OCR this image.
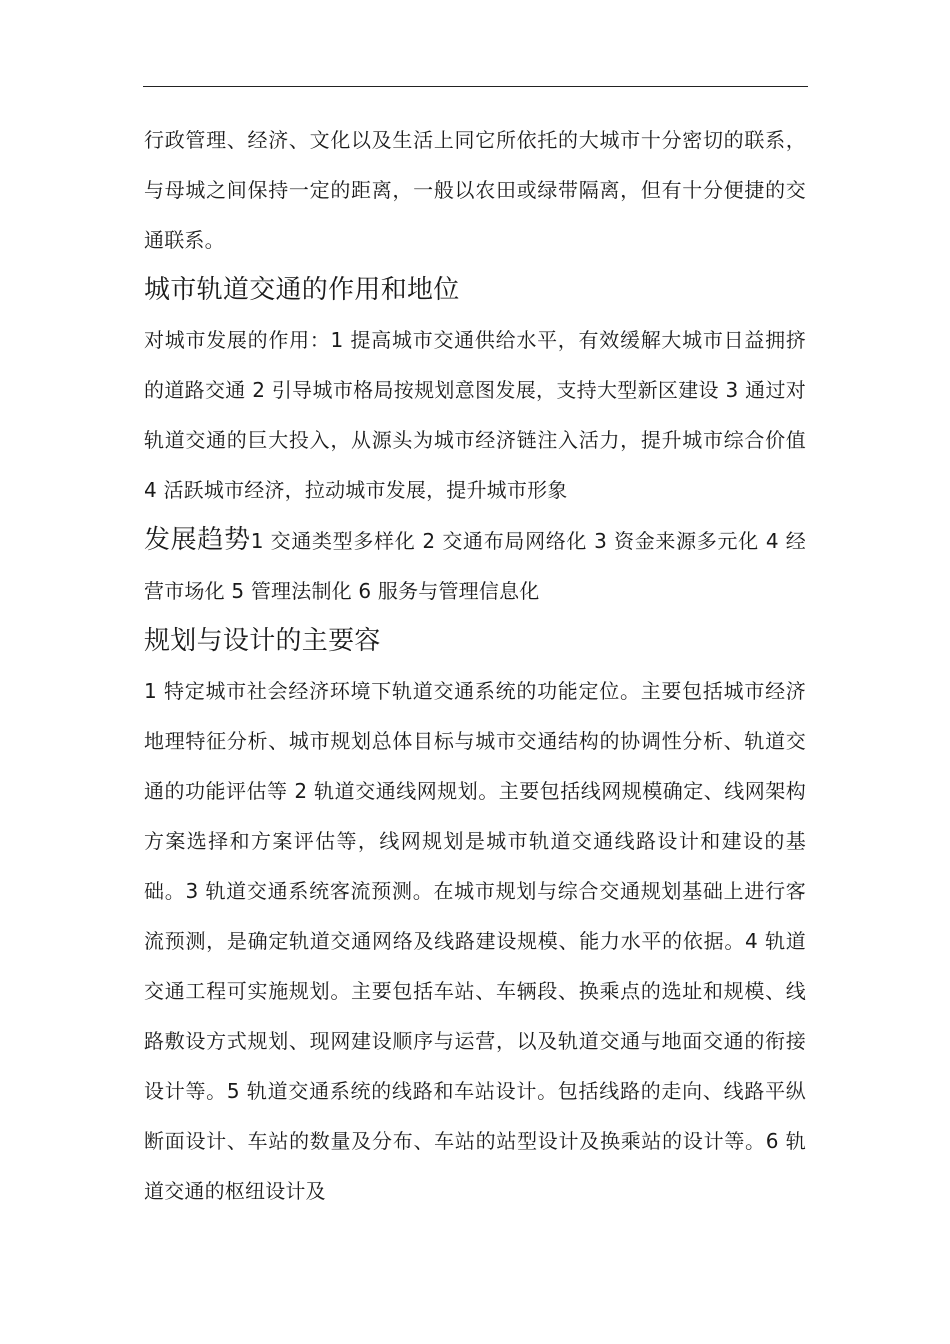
行政管理、经济、文化以及生活上同它所依托的大城市十分密切的联系，与母城之间保持一定的距离，一般以农田或绿带隔离，但有十分便捷的交通联系。

城市轨道交通的作用和地位

对城市发展的作用：1 提高城市交通供给水平，有效缓解大城市日益拥挤的道路交通 2 引导城市格局按规划意图发展，支持大型新区建设 3 通过对轨道交通的巨大投入，从源头为城市经济链注入活力，提升城市综合价值 4 活跃城市经济，拉动城市发展，提升城市形象

发展趋势1 交通类型多样化 2 交通布局网络化 3 资金来源多元化 4 经营市场化 5 管理法制化 6 服务与管理信息化

规划与设计的主要容

1 特定城市社会经济环境下轨道交通系统的功能定位。主要包括城市经济地理特征分析、城市规划总体目标与城市交通结构的协调性分析、轨道交通的功能评估等 2 轨道交通线网规划。主要包括线网规模确定、线网架构方案选择和方案评估等，线网规划是城市轨道交通线路设计和建设的基础。3 轨道交通系统客流预测。在城市规划与综合交通规划基础上进行客流预测，是确定轨道交通网络及线路建设规模、能力水平的依据。4 轨道交通工程可实施规划。主要包括车站、车辆段、换乘点的选址和规模、线路敷设方式规划、现网建设顺序与运营，以及轨道交通与地面交通的衔接设计等。5 轨道交通系统的线路和车站设计。包括线路的走向、线路平纵断面设计、车站的数量及分布、车站的站型设计及换乘站的设计等。6 轨道交通的枢纽设计及
